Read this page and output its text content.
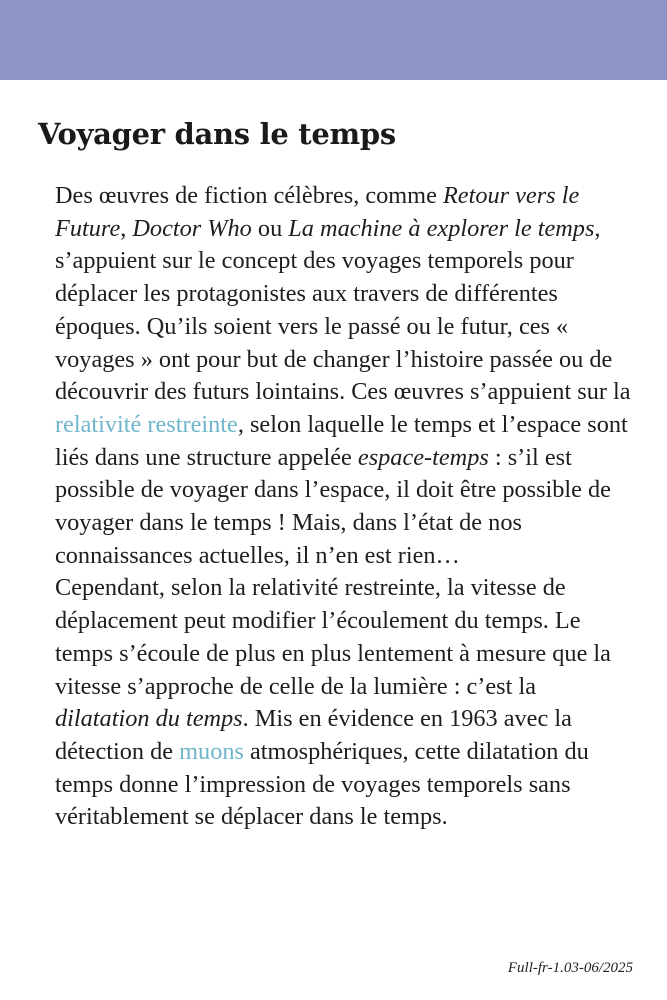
Voyager dans le temps

Des œuvres de fiction célèbres, comme Retour vers le Future, Doctor Who ou La machine à explorer le temps, s’appuient sur le concept des voyages temporels pour déplacer les protagonistes aux travers de différentes époques. Qu’ils soient vers le passé ou le futur, ces « voyages » ont pour but de changer l’histoire passée ou de découvrir des futurs lointains. Ces œuvres s’appuient sur la relativité restreinte, selon laquelle le temps et l’espace sont liés dans une structure appelée espace-temps : s’il est possible de voyager dans l’espace, il doit être possible de voyager dans le temps ! Mais, dans l’état de nos connaissances actuelles, il n’en est rien…

Cependant, selon la relativité restreinte, la vitesse de déplacement peut modifier l’écoulement du temps. Le temps s’écoule de plus en plus lentement à mesure que la vitesse s’approche de celle de la lumière : c’est la dilatation du temps. Mis en évidence en 1963 avec la détection de muons atmosphériques, cette dilatation du temps donne l’impression de voyages temporels sans véritablement se déplacer dans le temps.

Full-fr-1.03-06/2025
